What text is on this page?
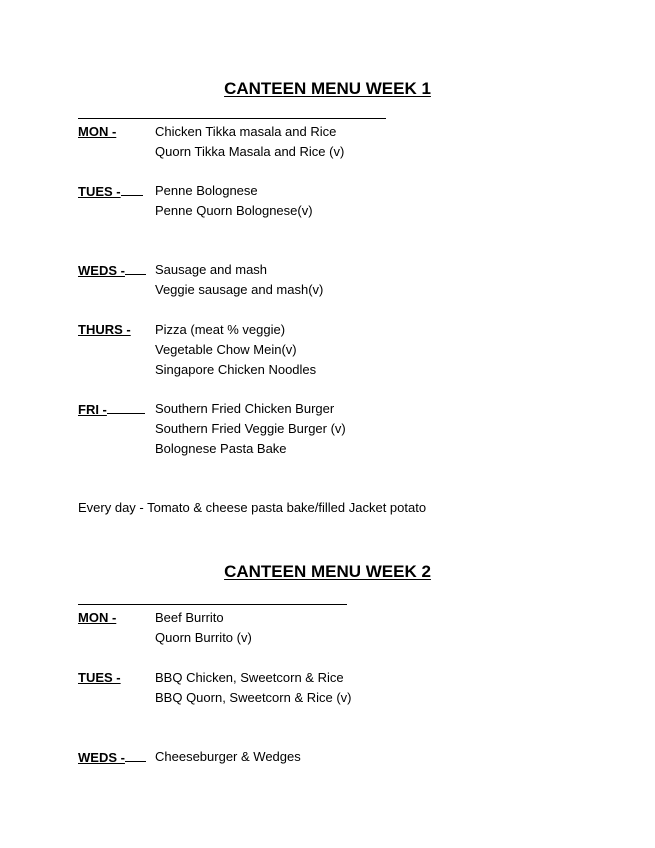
CANTEEN MENU WEEK 1
MON -	Chicken Tikka masala and Rice
Quorn Tikka Masala and Rice (v)
TUES -	Penne Bolognese
Penne Quorn Bolognese(v)
WEDS -	Sausage and mash
Veggie sausage and mash(v)
THURS - Pizza (meat % veggie)
Vegetable Chow Mein(v)
Singapore Chicken Noodles
FRI -	Southern Fried Chicken Burger
Southern Fried Veggie Burger (v)
Bolognese Pasta Bake
Every day - Tomato & cheese pasta bake/filled Jacket potato
CANTEEN MENU WEEK 2
MON -	Beef Burrito
Quorn Burrito (v)
TUES -	BBQ Chicken, Sweetcorn & Rice
BBQ Quorn, Sweetcorn & Rice (v)
WEDS -	Cheeseburger & Wedges
